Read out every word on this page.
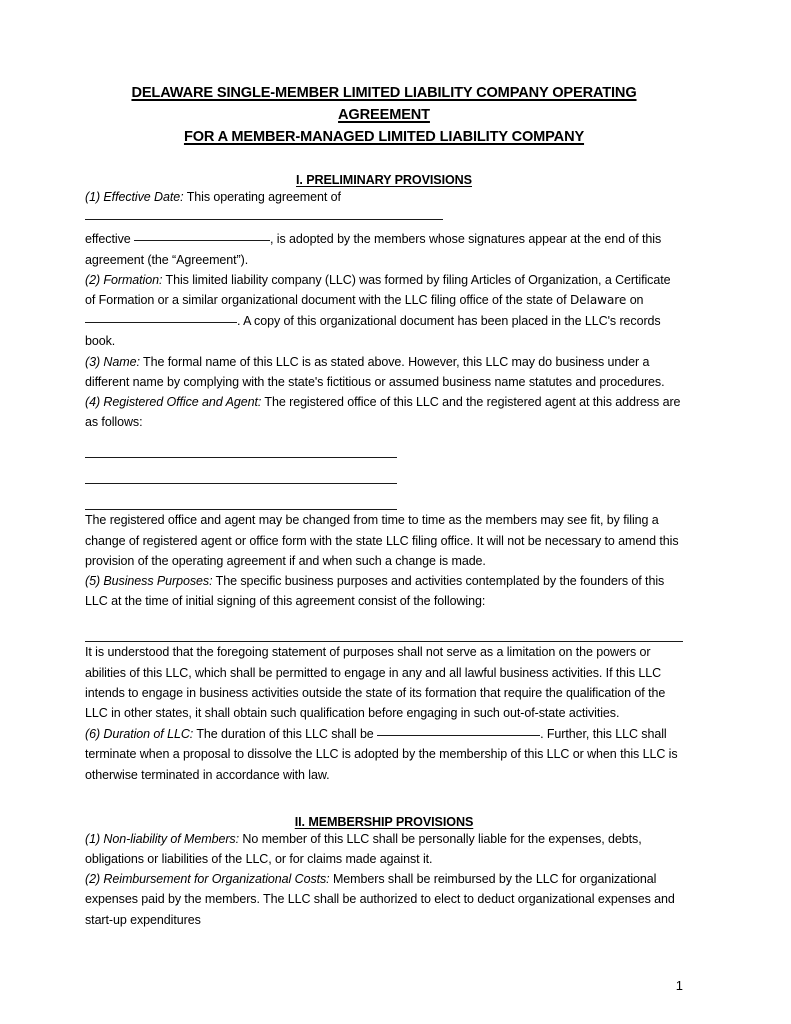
DELAWARE SINGLE-MEMBER LIMITED LIABILITY COMPANY OPERATING AGREEMENT
FOR A MEMBER-MANAGED LIMITED LIABILITY COMPANY
I. PRELIMINARY PROVISIONS

(1) Effective Date: This operating agreement of
effective	, is adopted by the members whose signatures appear at the end of this agreement (the “Agreement”).

(2) Formation: This limited liability company (LLC) was formed by filing Articles of Organization, a Certificate of Formation or a similar organizational document with the LLC filing office of the state of Delaware on
. A copy of this organizational document has been placed in the LLC's records book.

(3) Name: The formal name of this LLC is as stated above. However, this LLC may do business under a different name by complying with the state's fictitious or assumed business name statutes and procedures.

(4) Registered Office and Agent: The registered office of this LLC and the registered agent at this address are as follows:

The registered office and agent may be changed from time to time as the members may see fit, by filing a change of registered agent or office form with the state LLC filing office. It will not be necessary to amend this provision of the operating agreement if and when such a change is made.

(5) Business Purposes: The specific business purposes and activities contemplated by the founders of this LLC at the time of initial signing of this agreement consist of the following:

It is understood that the foregoing statement of purposes shall not serve as a limitation on the powers or abilities of this LLC, which shall be permitted to engage in any and all lawful business activities. If this LLC intends to engage in business activities outside the state of its formation that require the qualification of the LLC in other states, it shall obtain such qualification before engaging in such out-of-state activities.

(6) Duration of LLC: The duration of this LLC shall be	. Further, this LLC shall terminate when a proposal to dissolve the LLC is adopted by the membership of this LLC or when this LLC is otherwise terminated in accordance with law.

II. MEMBERSHIP PROVISIONS

(1) Non-liability of Members: No member of this LLC shall be personally liable for the expenses, debts, obligations or liabilities of the LLC, or for claims made against it.

(2) Reimbursement for Organizational Costs: Members shall be reimbursed by the LLC for organizational expenses paid by the members. The LLC shall be authorized to elect to deduct organizational expenses and start-up expenditures

1
